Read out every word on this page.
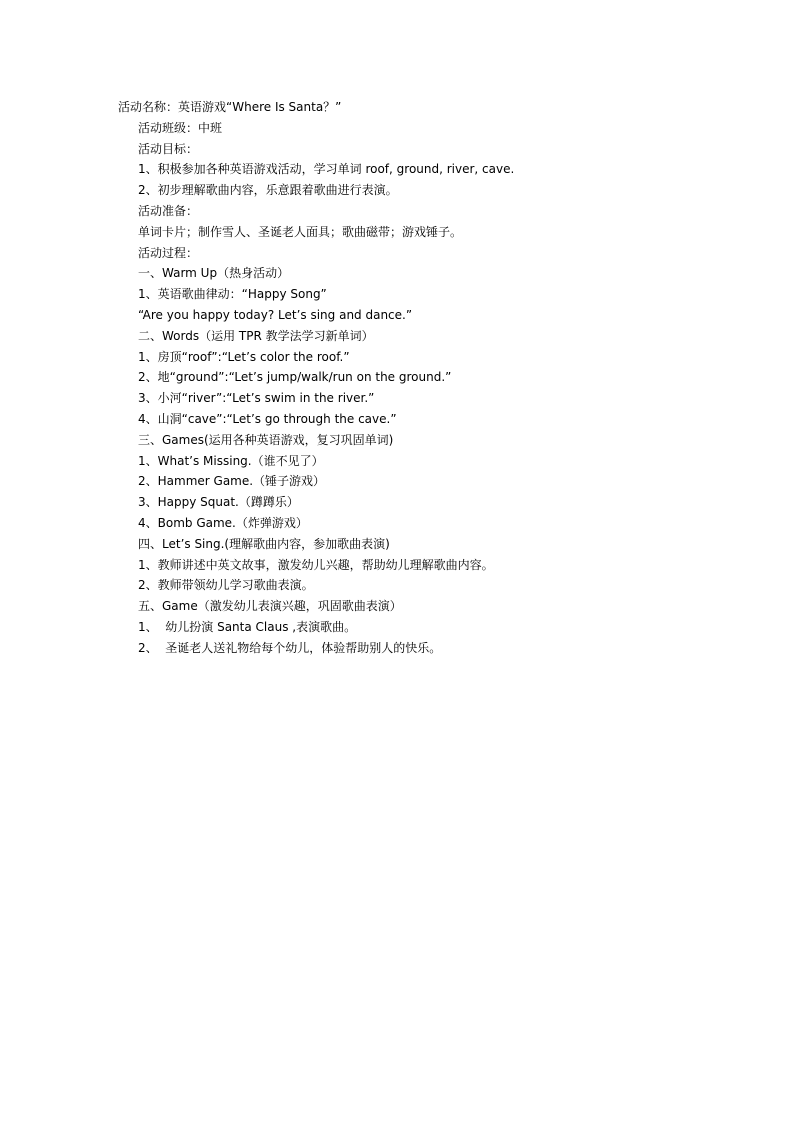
活动名称：英语游戏“Where Is Santa？”
活动班级：中班
活动目标：
1、积极参加各种英语游戏活动，学习单词 roof, ground, river, cave.
2、初步理解歌曲内容，乐意跟着歌曲进行表演。
活动准备：
单词卡片；制作雪人、圣诞老人面具；歌曲磁带；游戏锤子。
活动过程：
一、Warm Up（热身活动）
1、英语歌曲律动：“Happy Song”
“Are you happy today? Let’s sing and dance.”
二、Words（运用 TPR 教学法学习新单词）
1、房顶“roof”:“Let’s color the roof.”
2、地“ground”:“Let’s jump/walk/run on the ground.”
3、小河“river”:“Let’s swim in the river.”
4、山洞“cave”:“Let’s go through the cave.”
三、Games(运用各种英语游戏，复习巩固单词)
1、What’s Missing.（谁不见了）
2、Hammer Game.（锤子游戏）
3、Happy Squat.（蹲蹲乐）
4、Bomb Game.（炸弹游戏）
四、Let’s Sing.(理解歌曲内容，参加歌曲表演)
1、教师讲述中英文故事，激发幼儿兴趣，帮助幼儿理解歌曲内容。
2、教师带领幼儿学习歌曲表演。
五、Game（激发幼儿表演兴趣，巩固歌曲表演）
1、  幼儿扮演 Santa Claus ,表演歌曲。
2、  圣诞老人送礼物给每个幼儿，体验帮助别人的快乐。
